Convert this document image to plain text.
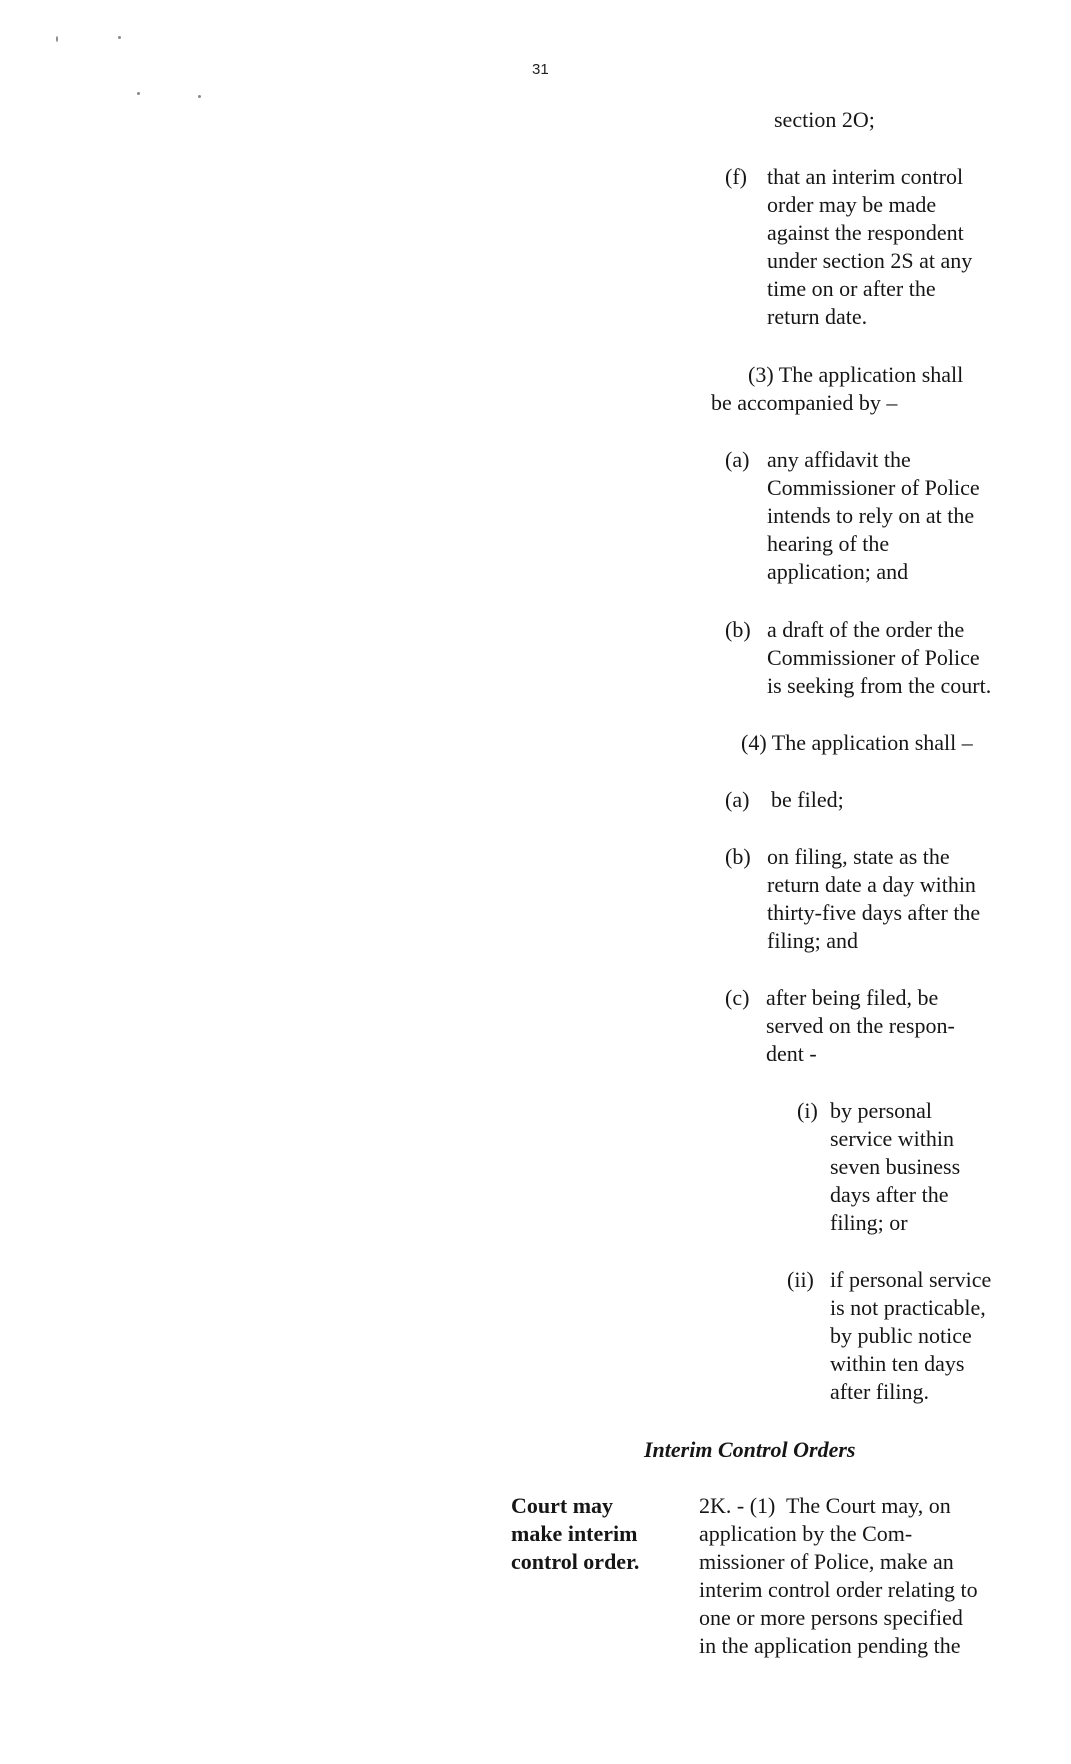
31
section 2O;
(f) that an interim control
order may be made
against the respondent
under section 2S at any
time on or after the
return date.
(3) The application shall
be accompanied by –
(a) any affidavit the
Commissioner of Police
intends to rely on at the
hearing of the
application; and
(b) a draft of the order the
Commissioner of Police
is seeking from the court.
(4) The application shall –
(a) be filed;
(b) on filing, state as the
return date a day within
thirty-five days after the
filing; and
(c) after being filed, be
served on the respon-
dent -
(i) by personal
service within
seven business
days after the
filing; or
(ii) if personal service
is not practicable,
by public notice
within ten days
after filing.
Interim Control Orders
Court may
make interim
control order.
2K. - (1)  The Court may, on
application by the Com-
missioner of Police, make an
interim control order relating to
one or more persons specified
in the application pending the
